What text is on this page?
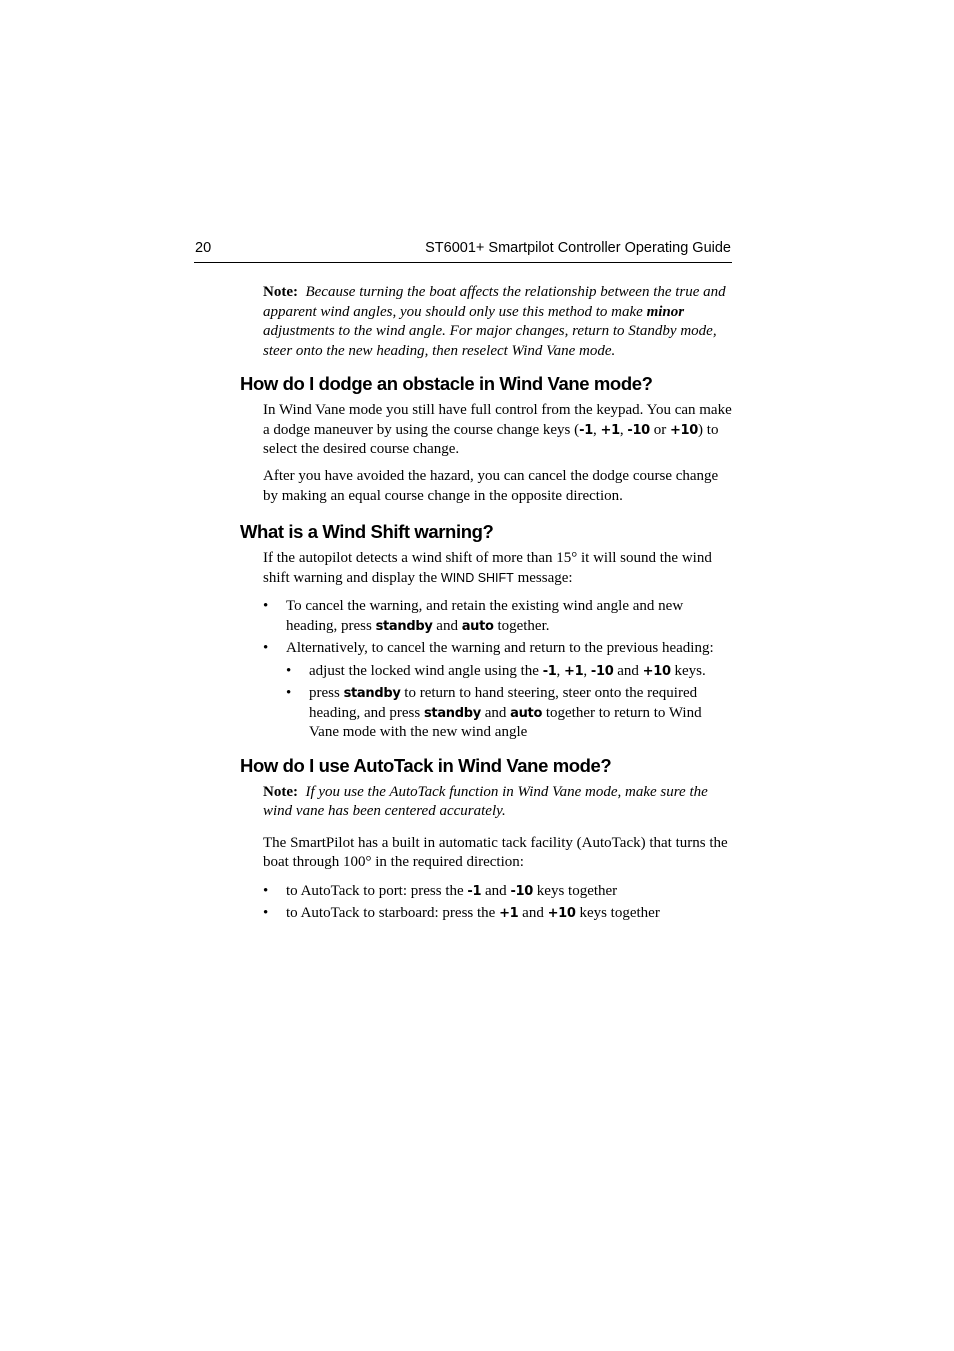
20	ST6001+ Smartpilot Controller Operating Guide

Note: Because turning the boat affects the relationship between the true and apparent wind angles, you should only use this method to make minor adjustments to the wind angle. For major changes, return to Standby mode, steer onto the new heading, then reselect Wind Vane mode.

How do I dodge an obstacle in Wind Vane mode?

In Wind Vane mode you still have full control from the keypad. You can make a dodge maneuver by using the course change keys (-1, +1, -10 or +10) to select the desired course change.

After you have avoided the hazard, you can cancel the dodge course change by making an equal course change in the opposite direction.

What is a Wind Shift warning?

If the autopilot detects a wind shift of more than 15° it will sound the wind shift warning and display the WIND SHIFT message:

• To cancel the warning, and retain the existing wind angle and new heading, press standby and auto together.
• Alternatively, to cancel the warning and return to the previous heading:
• adjust the locked wind angle using the -1, +1, -10 and +10 keys.
• press standby to return to hand steering, steer onto the required heading, and press standby and auto together to return to Wind Vane mode with the new wind angle
How do I use AutoTack in Wind Vane mode?

Note: If you use the AutoTack function in Wind Vane mode, make sure the wind vane has been centered accurately.

The SmartPilot has a built in automatic tack facility (AutoTack) that turns the boat through 100° in the required direction:

• to AutoTack to port: press the -1 and -10 keys together
• to AutoTack to starboard: press the +1 and +10 keys together
